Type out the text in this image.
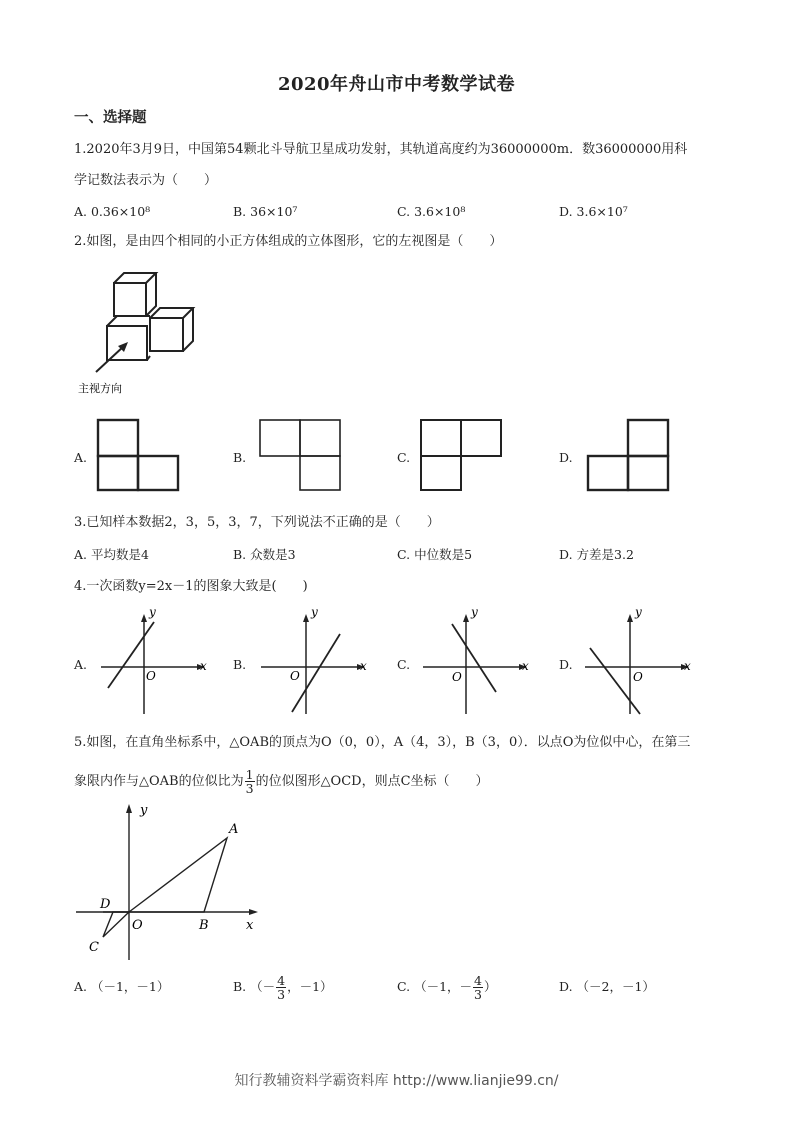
2020年舟山市中考数学试卷
一、选择题
1.2020年3月9日，中国第54颗北斗导航卫星成功发射，其轨道高度约为36000000m．数36000000用科
学记数法表示为（　　）
A. 0.36×10⁸	B. 36×10⁷	C. 3.6×10⁸	D. 3.6×10⁷
2.如图，是由四个相同的小正方体组成的立体图形，它的左视图是（　　）
主视方向
A.	B.	C.	D.
3.已知样本数据2，3，5，3，7，下列说法不正确的是（　　）
A. 平均数是4	B. 众数是3	C. 中位数是5	D. 方差是3.2
4.一次函数y=2x－1的图象大致是(　　)
A.
y
x
O
B.
y
x
O
C.
y
x
O
D.
y
x
O
5.如图，在直角坐标系中，△OAB的顶点为O（0，0），A（4，3），B（3，0）．以点O为位似中心，在第三
象限内作与△OAB的位似比为 $\frac{1}{3}$ 的位似图形△OCD，则点C坐标（　　）
y
A
D
O	B	x
C
A. （－1，－1）	B. （－ $\frac{4}{3}$ ，－1）	C. （－1，－ $\frac{4}{3}$ ）	D. （－2，－1）
知行教辅资料学霸资料库 http://www.lianjie99.cn/
